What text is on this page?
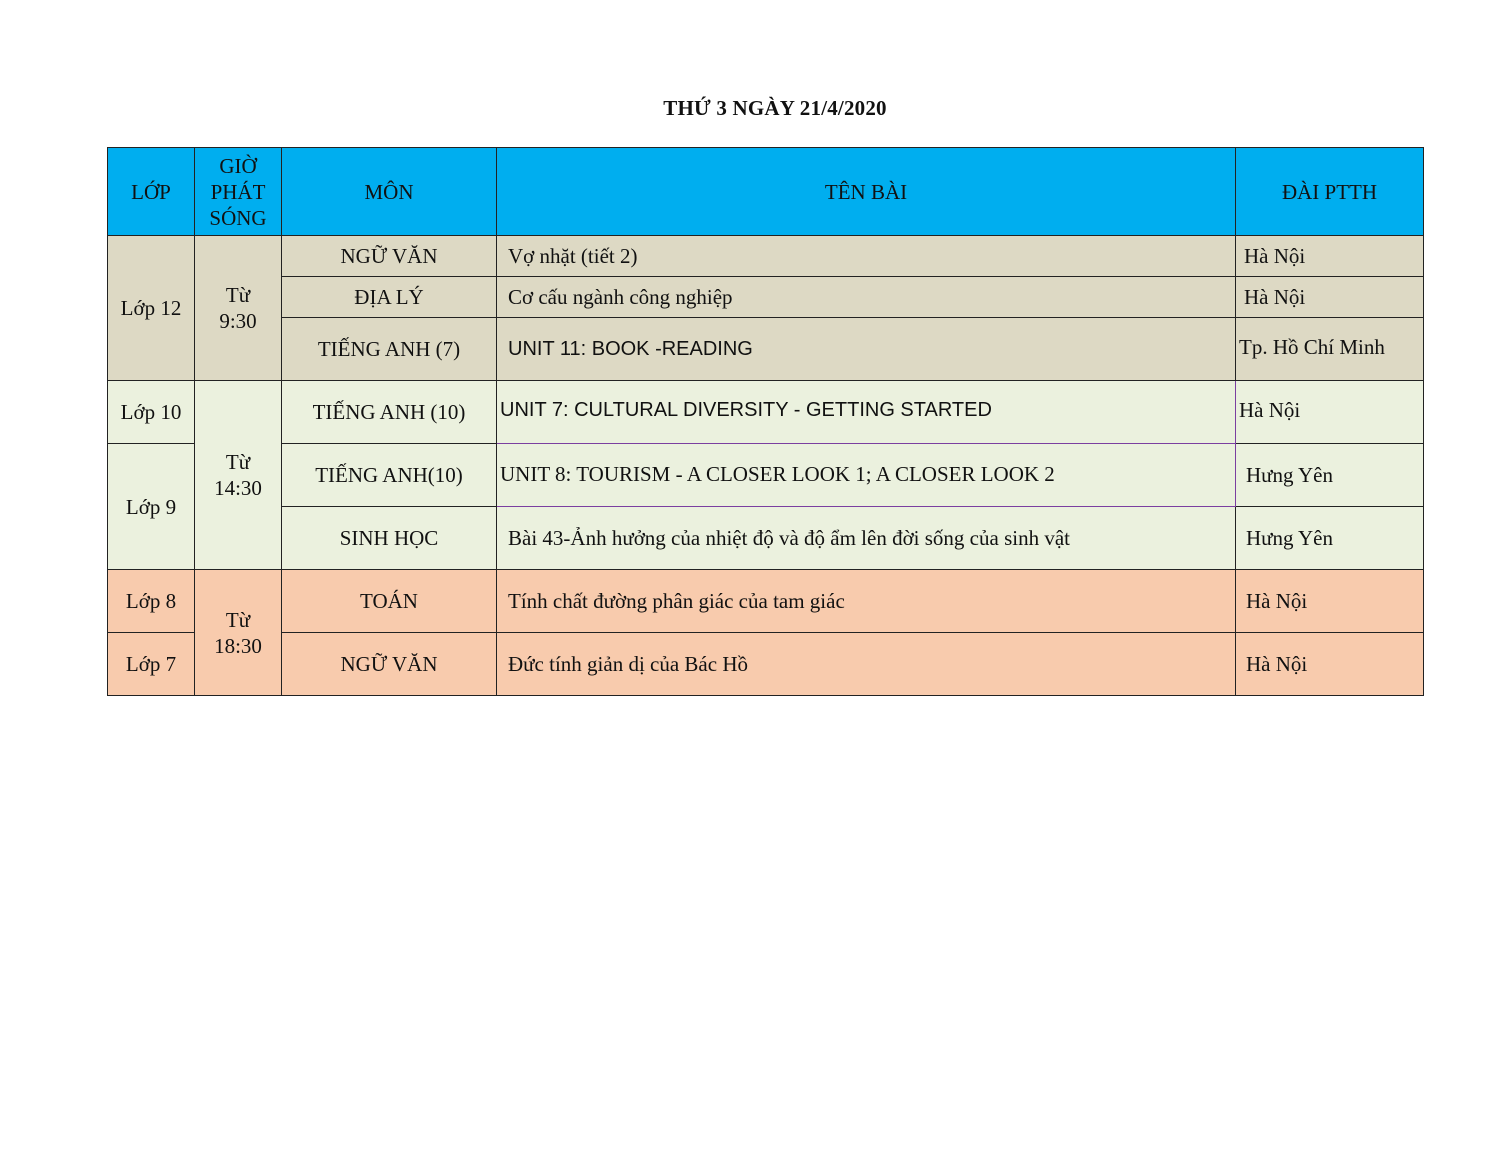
THỨ 3 NGÀY 21/4/2020
LỚP	GIỜ PHÁT SÓNG	MÔN	TÊN BÀI	ĐÀI PTTH
Lớp 12	Từ 9:30	NGỮ VĂN	Vợ nhặt (tiết 2)	Hà Nội
		ĐỊA LÝ	Cơ cấu ngành công nghiệp	Hà Nội
		TIẾNG ANH (7)	UNIT 11: BOOK -READING	Tp. Hồ Chí Minh
Lớp 10	Từ 14:30	TIẾNG ANH (10)	UNIT 7: CULTURAL DIVERSITY - GETTING STARTED	Hà Nội
Lớp 9		TIẾNG ANH(10)	UNIT 8: TOURISM - A CLOSER LOOK 1; A CLOSER LOOK 2	Hưng Yên
		SINH HỌC	Bài 43-Ảnh hưởng của nhiệt độ và độ ẩm lên đời sống của sinh vật	Hưng Yên
Lớp 8	Từ 18:30	TOÁN	Tính chất đường phân giác của tam giác	Hà Nội
Lớp 7		NGỮ VĂN	Đức tính giản dị của Bác Hồ	Hà Nội
